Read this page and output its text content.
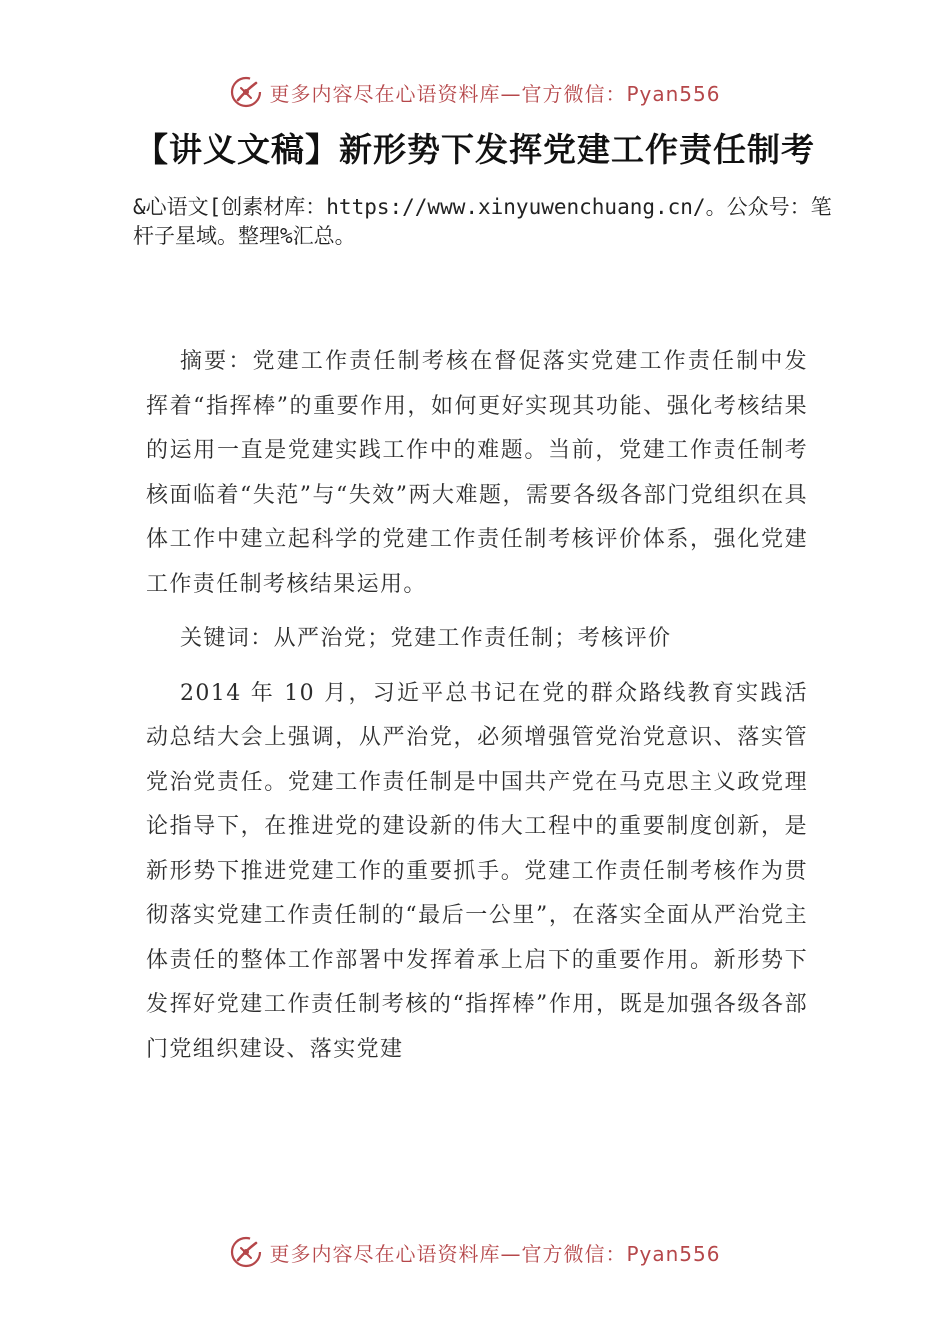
更多内容尽在心语资料库—官方微信：Pyan556
【讲义文稿】新形势下发挥党建工作责任制考
&心语文[创素材库：https://www.xinyuwenchuang.cn/。公众号：笔杆子星域。整理%汇总。

摘要：党建工作责任制考核在督促落实党建工作责任制中发挥着“指挥棒”的重要作用，如何更好实现其功能、强化考核结果的运用一直是党建实践工作中的难题。当前，党建工作责任制考核面临着“失范”与“失效”两大难题，需要各级各部门党组织在具体工作中建立起科学的党建工作责任制考核评价体系，强化党建工作责任制考核结果运用。

关键词：从严治党；党建工作责任制；考核评价

2014 年 10 月，习近平总书记在党的群众路线教育实践活动总结大会上强调，从严治党，必须增强管党治党意识、落实管党治党责任。党建工作责任制是中国共产党在马克思主义政党理论指导下，在推进党的建设新的伟大工程中的重要制度创新，是新形势下推进党建工作的重要抓手。党建工作责任制考核作为贯彻落实党建工作责任制的“最后一公里”，在落实全面从严治党主体责任的整体工作部署中发挥着承上启下的重要作用。新形势下发挥好党建工作责任制考核的“指挥棒”作用，既是加强各级各部门党组织建设、落实党建

更多内容尽在心语资料库—官方微信：Pyan556
